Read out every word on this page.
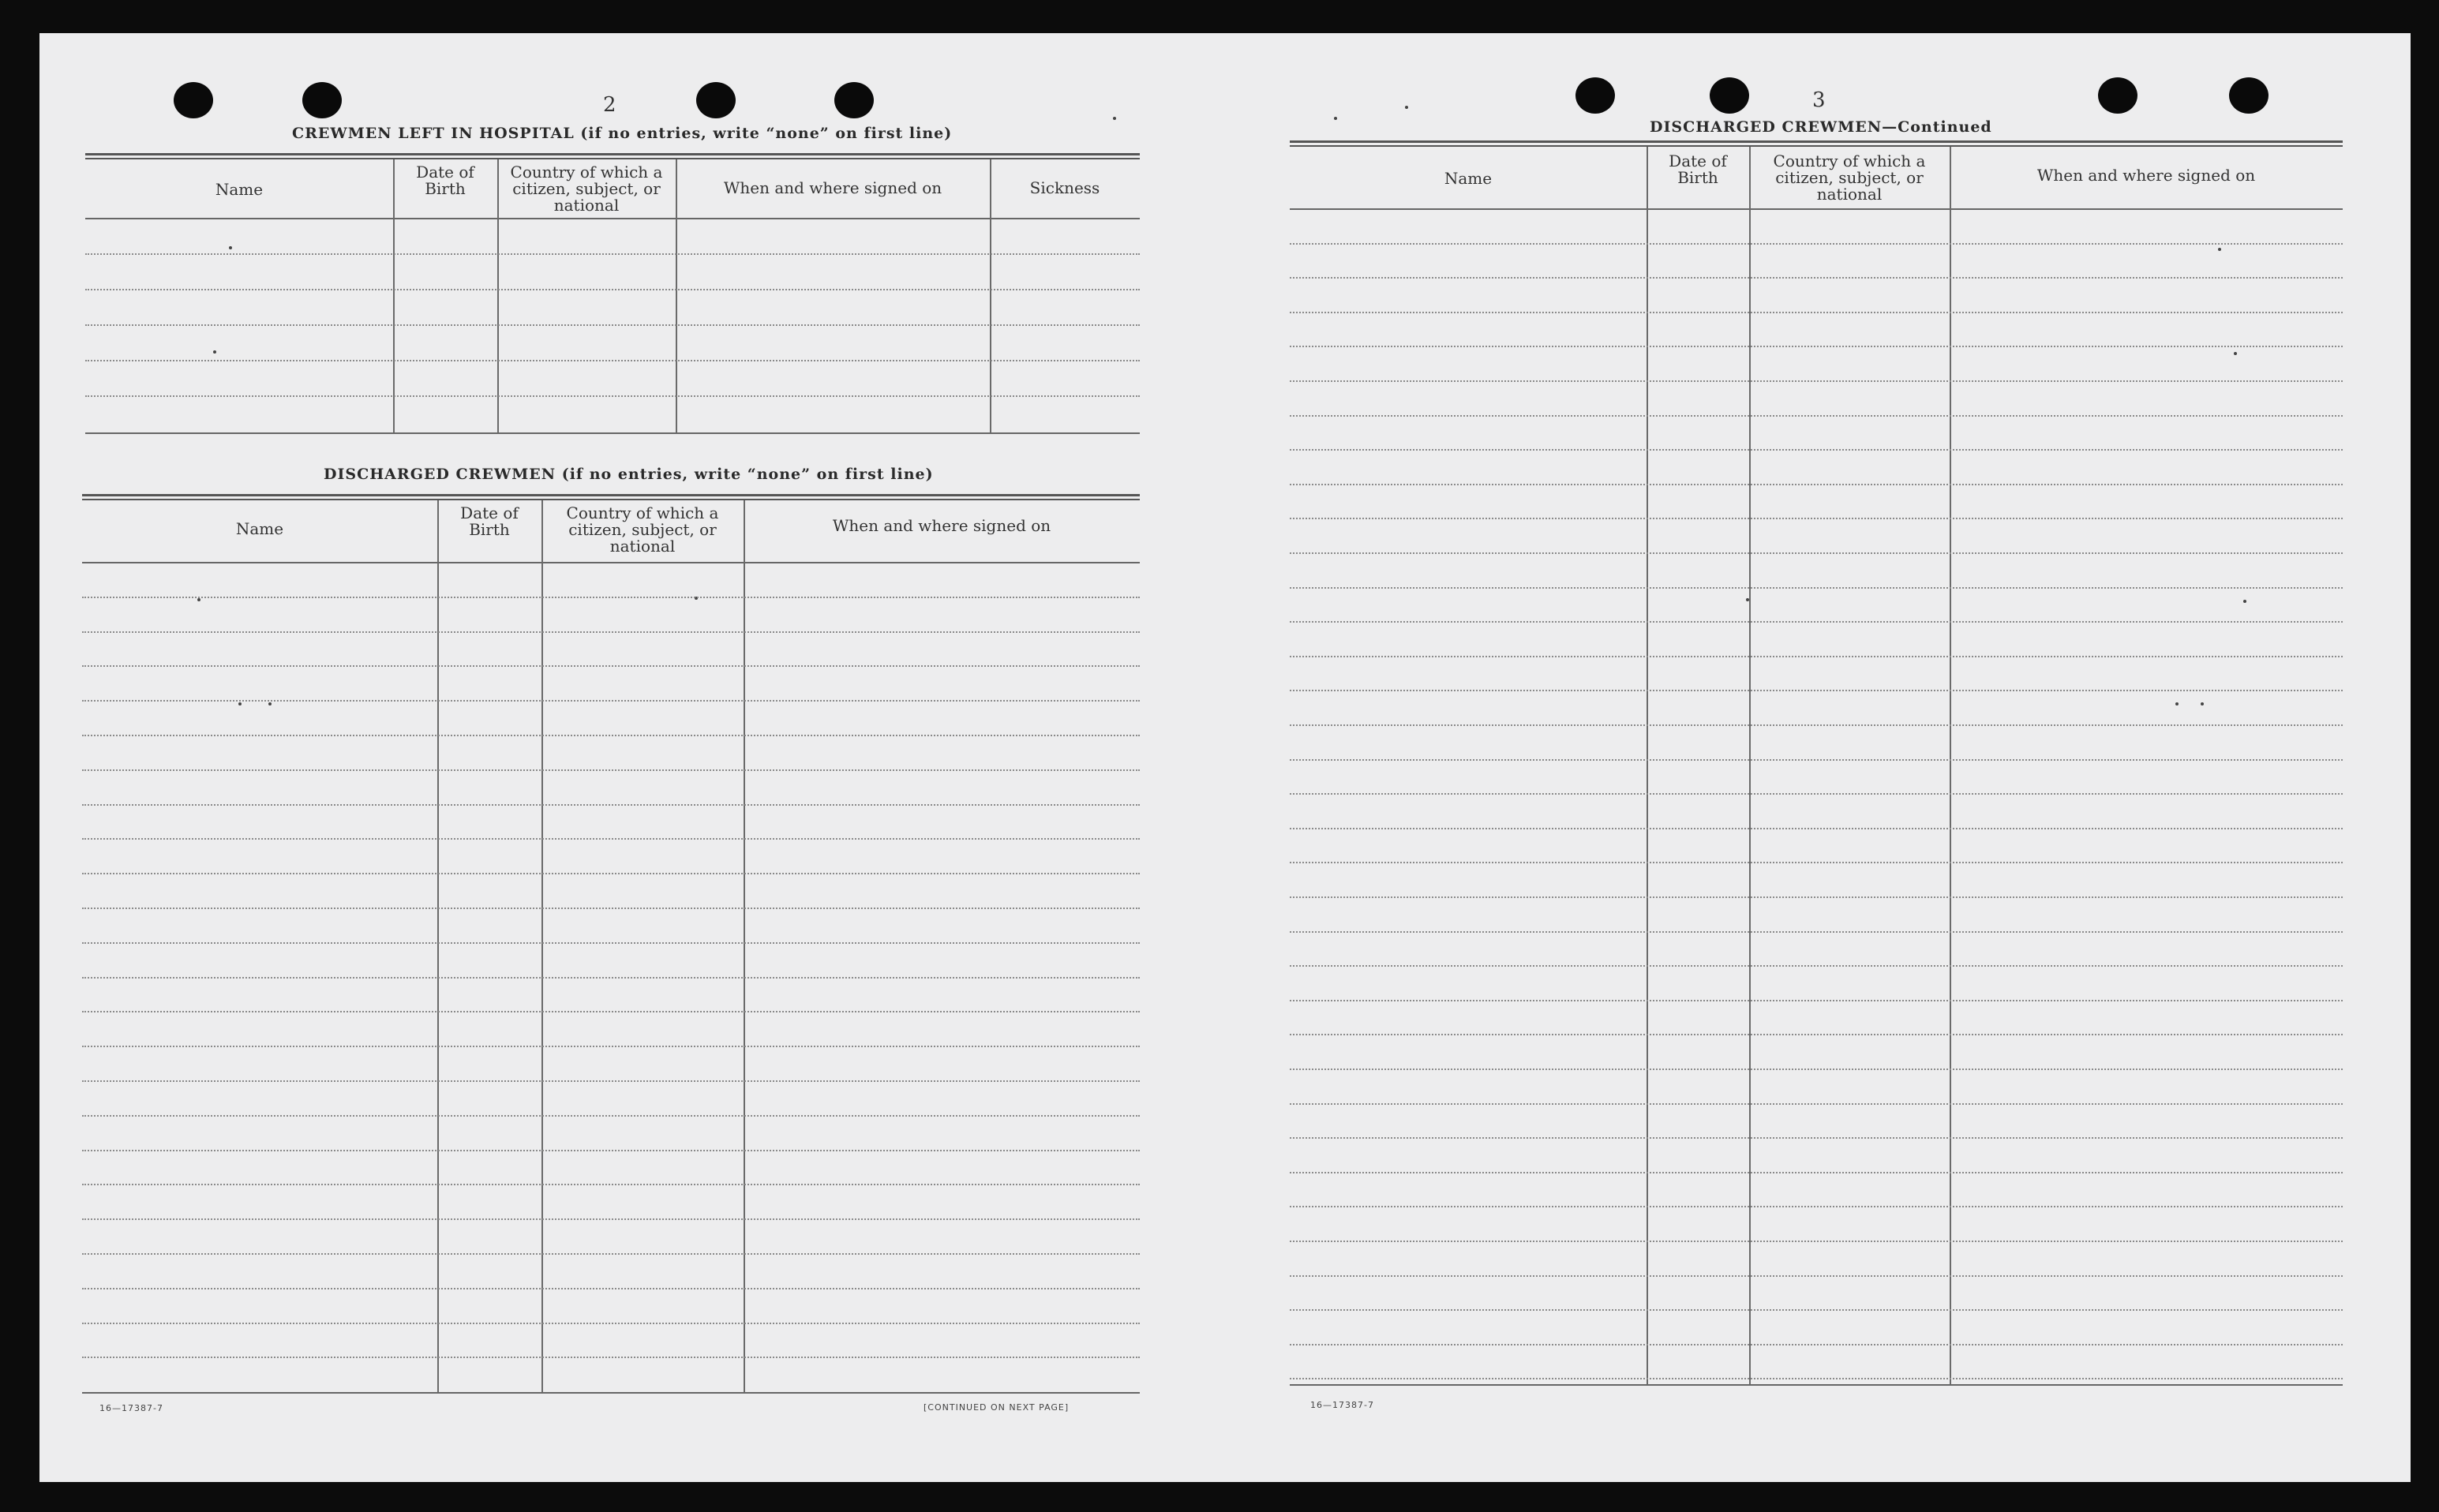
2
CREWMEN LEFT IN HOSPITAL (if no entries, write “none” on first line)
DISCHARGED CREWMEN (if no entries, write “none” on first line)
16—17387-7	[CONTINUED ON NEXT PAGE]
3
DISCHARGED CREWMEN—Continued
16—17387-7
Name
Date of Birth
Country of which a citizen, subject, or national
When and where signed on	Sickness
Name
Date of Birth
Country of which a citizen, subject, or national
When and where signed on
Name
Date of Birth
Country of which a citizen, subject, or national
When and where signed on
